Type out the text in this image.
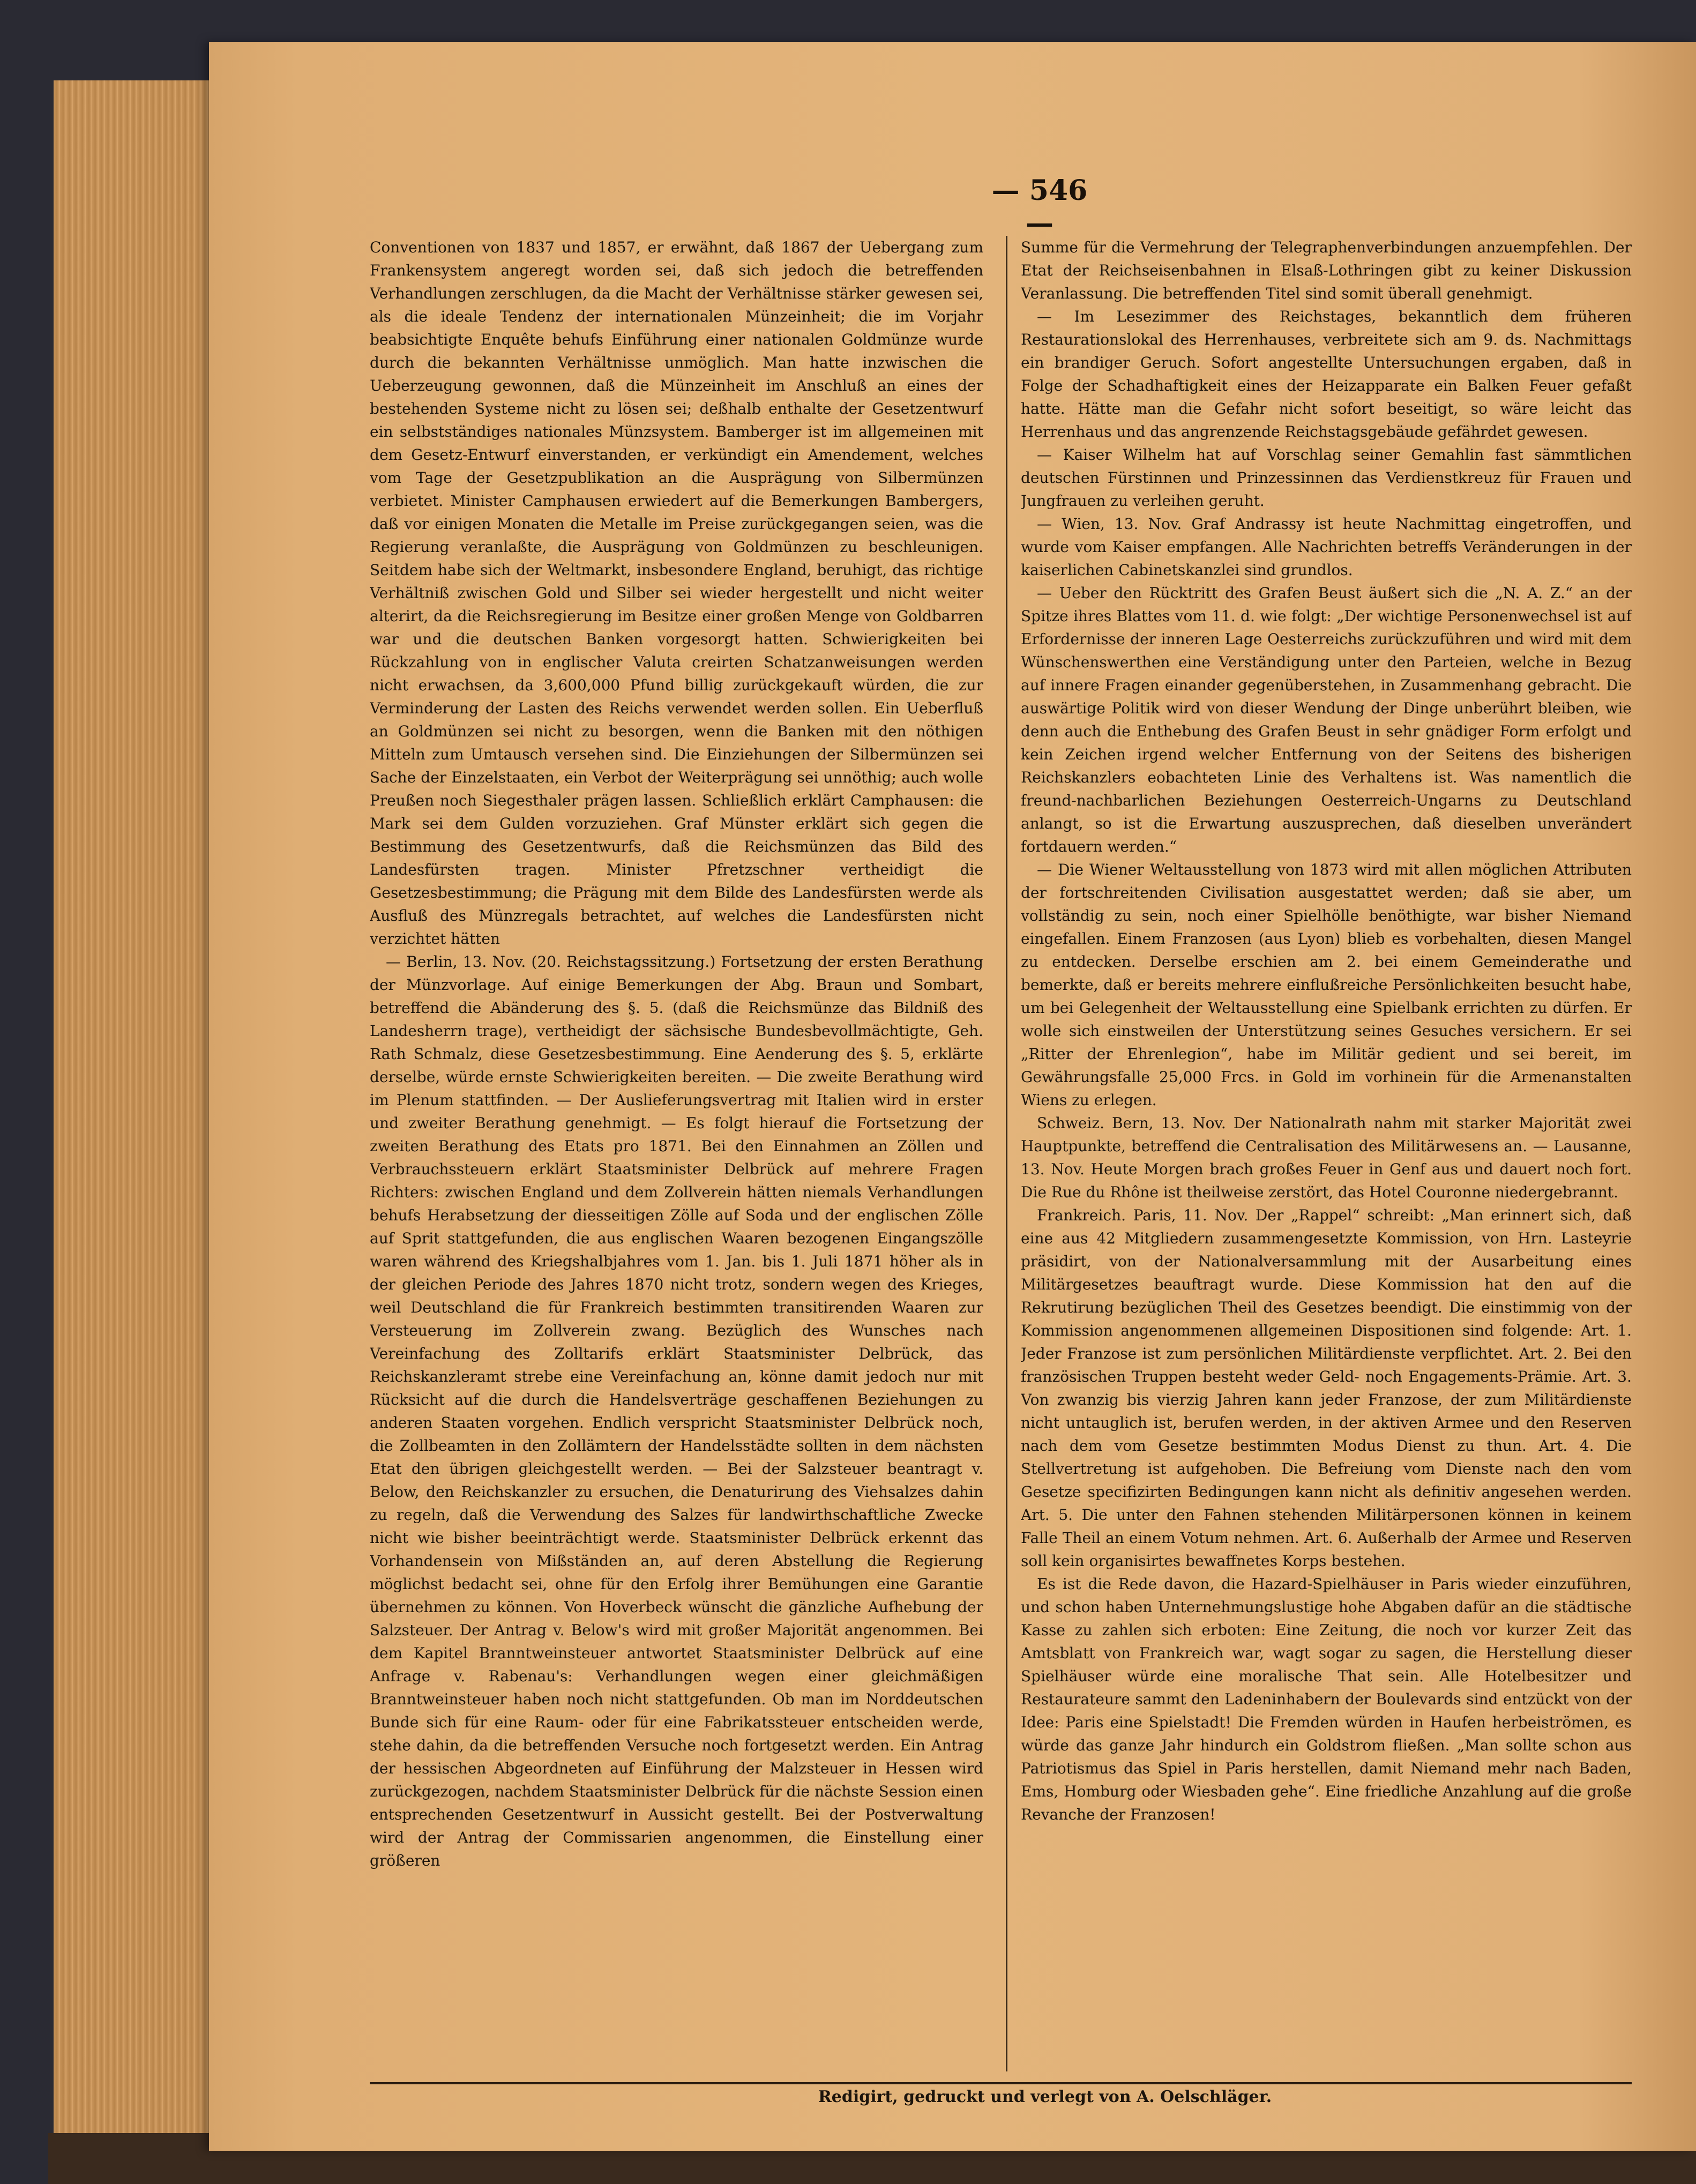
— 546 —

Conventionen von 1837 und 1857, er erwähnt, daß 1867 der Uebergang zum Frankensystem angeregt worden sei, daß sich jedoch die betreffenden Verhandlungen zerschlugen, da die Macht der Verhältnisse stärker gewesen sei, als die ideale Tendenz der internationalen Münzeinheit; die im Vorjahr beabsichtigte Enquête behufs Einführung einer nationalen Goldmünze wurde durch die bekannten Verhältnisse unmöglich. Man hatte inzwischen die Ueberzeugung gewonnen, daß die Münzeinheit im Anschluß an eines der bestehenden Systeme nicht zu lösen sei; deßhalb enthalte der Gesetzentwurf ein selbstständiges nationales Münzsystem. Bamberger ist im allgemeinen mit dem Gesetz-Entwurf einverstanden, er verkündigt ein Amendement, welches vom Tage der Gesetzpublikation an die Ausprägung von Silbermünzen verbietet. Minister Camphausen erwiedert auf die Bemerkungen Bambergers, daß vor einigen Monaten die Metalle im Preise zurückgegangen seien, was die Regierung veranlaßte, die Ausprägung von Goldmünzen zu beschleunigen. Seitdem habe sich der Weltmarkt, insbesondere England, beruhigt, das richtige Verhältniß zwischen Gold und Silber sei wieder hergestellt und nicht weiter alterirt, da die Reichsregierung im Besitze einer großen Menge von Goldbarren war und die deutschen Banken vorgesorgt hatten. Schwierigkeiten bei Rückzahlung von in englischer Valuta creirten Schatzanweisungen werden nicht erwachsen, da 3,600,000 Pfund billig zurückgekauft würden, die zur Verminderung der Lasten des Reichs verwendet werden sollen. Ein Ueberfluß an Goldmünzen sei nicht zu besorgen, wenn die Banken mit den nöthigen Mitteln zum Umtausch versehen sind. Die Einziehungen der Silbermünzen sei Sache der Einzelstaaten, ein Verbot der Weiterprägung sei unnöthig; auch wolle Preußen noch Siegesthaler prägen lassen. Schließlich erklärt Camphausen: die Mark sei dem Gulden vorzuziehen. Graf Münster erklärt sich gegen die Bestimmung des Gesetzentwurfs, daß die Reichsmünzen das Bild des Landesfürsten tragen. Minister Pfretzschner vertheidigt die Gesetzesbestimmung; die Prägung mit dem Bilde des Landesfürsten werde als Ausfluß des Münzregals betrachtet, auf welches die Landesfürsten nicht verzichtet hätten

— Berlin, 13. Nov. (20. Reichstagssitzung.) Fortsetzung der ersten Berathung der Münzvorlage. Auf einige Bemerkungen der Abg. Braun und Sombart, betreffend die Abänderung des §. 5. (daß die Reichsmünze das Bildniß des Landesherrn trage), vertheidigt der sächsische Bundesbevollmächtigte, Geh. Rath Schmalz, diese Gesetzesbestimmung. Eine Aenderung des §. 5, erklärte derselbe, würde ernste Schwierigkeiten bereiten. — Die zweite Berathung wird im Plenum stattfinden. — Der Auslieferungsvertrag mit Italien wird in erster und zweiter Berathung genehmigt. — Es folgt hierauf die Fortsetzung der zweiten Berathung des Etats pro 1871. Bei den Einnahmen an Zöllen und Verbrauchssteuern erklärt Staatsminister Delbrück auf mehrere Fragen Richters: zwischen England und dem Zollverein hätten niemals Verhandlungen behufs Herabsetzung der diesseitigen Zölle auf Soda und der englischen Zölle auf Sprit stattgefunden, die aus englischen Waaren bezogenen Eingangszölle waren während des Kriegshalbjahres vom 1. Jan. bis 1. Juli 1871 höher als in der gleichen Periode des Jahres 1870 nicht trotz, sondern wegen des Krieges, weil Deutschland die für Frankreich bestimmten transitirenden Waaren zur Versteuerung im Zollverein zwang. Bezüglich des Wunsches nach Vereinfachung des Zolltarifs erklärt Staatsminister Delbrück, das Reichskanzleramt strebe eine Vereinfachung an, könne damit jedoch nur mit Rücksicht auf die durch die Handelsverträge geschaffenen Beziehungen zu anderen Staaten vorgehen. Endlich verspricht Staatsminister Delbrück noch, die Zollbeamten in den Zollämtern der Handelsstädte sollten in dem nächsten Etat den übrigen gleichgestellt werden. — Bei der Salzsteuer beantragt v. Below, den Reichskanzler zu ersuchen, die Denaturirung des Viehsalzes dahin zu regeln, daß die Verwendung des Salzes für landwirthschaftliche Zwecke nicht wie bisher beeinträchtigt werde. Staatsminister Delbrück erkennt das Vorhandensein von Mißständen an, auf deren Abstellung die Regierung möglichst bedacht sei, ohne für den Erfolg ihrer Bemühungen eine Garantie übernehmen zu können. Von Hoverbeck wünscht die gänzliche Aufhebung der Salzsteuer. Der Antrag v. Below's wird mit großer Majorität angenommen. Bei dem Kapitel Branntweinsteuer antwortet Staatsminister Delbrück auf eine Anfrage v. Rabenau's: Verhandlungen wegen einer gleichmäßigen Branntweinsteuer haben noch nicht stattgefunden. Ob man im Norddeutschen Bunde sich für eine Raum- oder für eine Fabrikatssteuer entscheiden werde, stehe dahin, da die betreffenden Versuche noch fortgesetzt werden. Ein Antrag der hessischen Abgeordneten auf Einführung der Malzsteuer in Hessen wird zurückgezogen, nachdem Staatsminister Delbrück für die nächste Session einen entsprechenden Gesetzentwurf in Aussicht gestellt. Bei der Postverwaltung wird der Antrag der Commissarien angenommen, die Einstellung einer größeren

Summe für die Vermehrung der Telegraphenverbindungen anzuempfehlen. Der Etat der Reichseisenbahnen in Elsaß-Lothringen gibt zu keiner Diskussion Veranlassung. Die betreffenden Titel sind somit überall genehmigt.

— Im Lesezimmer des Reichstages, bekanntlich dem früheren Restaurationslokal des Herrenhauses, verbreitete sich am 9. ds. Nachmittags ein brandiger Geruch. Sofort angestellte Untersuchungen ergaben, daß in Folge der Schadhaftigkeit eines der Heizapparate ein Balken Feuer gefaßt hatte. Hätte man die Gefahr nicht sofort beseitigt, so wäre leicht das Herrenhaus und das angrenzende Reichstagsgebäude gefährdet gewesen.

— Kaiser Wilhelm hat auf Vorschlag seiner Gemahlin fast sämmtlichen deutschen Fürstinnen und Prinzessinnen das Verdienstkreuz für Frauen und Jungfrauen zu verleihen geruht.

— Wien, 13. Nov. Graf Andrassy ist heute Nachmittag eingetroffen, und wurde vom Kaiser empfangen. Alle Nachrichten betreffs Veränderungen in der kaiserlichen Cabinetskanzlei sind grundlos.

— Ueber den Rücktritt des Grafen Beust äußert sich die „N. A. Z.“ an der Spitze ihres Blattes vom 11. d. wie folgt: „Der wichtige Personenwechsel ist auf Erfordernisse der inneren Lage Oesterreichs zurückzuführen und wird mit dem Wünschenswerthen eine Verständigung unter den Parteien, welche in Bezug auf innere Fragen einander gegenüberstehen, in Zusammenhang gebracht. Die auswärtige Politik wird von dieser Wendung der Dinge unberührt bleiben, wie denn auch die Enthebung des Grafen Beust in sehr gnädiger Form erfolgt und kein Zeichen irgend welcher Entfernung von der Seitens des bisherigen Reichskanzlers eobachteten Linie des Verhaltens ist. Was namentlich die freund-nachbarlichen Beziehungen Oesterreich-Ungarns zu Deutschland anlangt, so ist die Erwartung auszusprechen, daß dieselben unverändert fortdauern werden.“

— Die Wiener Weltausstellung von 1873 wird mit allen möglichen Attributen der fortschreitenden Civilisation ausgestattet werden; daß sie aber, um vollständig zu sein, noch einer Spielhölle benöthigte, war bisher Niemand eingefallen. Einem Franzosen (aus Lyon) blieb es vorbehalten, diesen Mangel zu entdecken. Derselbe erschien am 2. bei einem Gemeinderathe und bemerkte, daß er bereits mehrere einflußreiche Persönlichkeiten besucht habe, um bei Gelegenheit der Weltausstellung eine Spielbank errichten zu dürfen. Er wolle sich einstweilen der Unterstützung seines Gesuches versichern. Er sei „Ritter der Ehrenlegion“, habe im Militär gedient und sei bereit, im Gewährungsfalle 25,000 Frcs. in Gold im vorhinein für die Armenanstalten Wiens zu erlegen.

Schweiz. Bern, 13. Nov. Der Nationalrath nahm mit starker Majorität zwei Hauptpunkte, betreffend die Centralisation des Militärwesens an. — Lausanne, 13. Nov. Heute Morgen brach großes Feuer in Genf aus und dauert noch fort. Die Rue du Rhône ist theilweise zerstört, das Hotel Couronne niedergebrannt.

Frankreich. Paris, 11. Nov. Der „Rappel“ schreibt: „Man erinnert sich, daß eine aus 42 Mitgliedern zusammengesetzte Kommission, von Hrn. Lasteyrie präsidirt, von der Nationalversammlung mit der Ausarbeitung eines Militärgesetzes beauftragt wurde. Diese Kommission hat den auf die Rekrutirung bezüglichen Theil des Gesetzes beendigt. Die einstimmig von der Kommission angenommenen allgemeinen Dispositionen sind folgende: Art. 1. Jeder Franzose ist zum persönlichen Militärdienste verpflichtet. Art. 2. Bei den französischen Truppen besteht weder Geld- noch Engagements-Prämie. Art. 3. Von zwanzig bis vierzig Jahren kann jeder Franzose, der zum Militärdienste nicht untauglich ist, berufen werden, in der aktiven Armee und den Reserven nach dem vom Gesetze bestimmten Modus Dienst zu thun. Art. 4. Die Stellvertretung ist aufgehoben. Die Befreiung vom Dienste nach den vom Gesetze specifizirten Bedingungen kann nicht als definitiv angesehen werden. Art. 5. Die unter den Fahnen stehenden Militärpersonen können in keinem Falle Theil an einem Votum nehmen. Art. 6. Außerhalb der Armee und Reserven soll kein organisirtes bewaffnetes Korps bestehen.

Es ist die Rede davon, die Hazard-Spielhäuser in Paris wieder einzuführen, und schon haben Unternehmungslustige hohe Abgaben dafür an die städtische Kasse zu zahlen sich erboten: Eine Zeitung, die noch vor kurzer Zeit das Amtsblatt von Frankreich war, wagt sogar zu sagen, die Herstellung dieser Spielhäuser würde eine moralische That sein. Alle Hotelbesitzer und Restaurateure sammt den Ladeninhabern der Boulevards sind entzückt von der Idee: Paris eine Spielstadt! Die Fremden würden in Haufen herbeiströmen, es würde das ganze Jahr hindurch ein Goldstrom fließen. „Man sollte schon aus Patriotismus das Spiel in Paris herstellen, damit Niemand mehr nach Baden, Ems, Homburg oder Wiesbaden gehe“. Eine friedliche Anzahlung auf die große Revanche der Franzosen!

Redigirt, gedruckt und verlegt von A. Oelschläger.
